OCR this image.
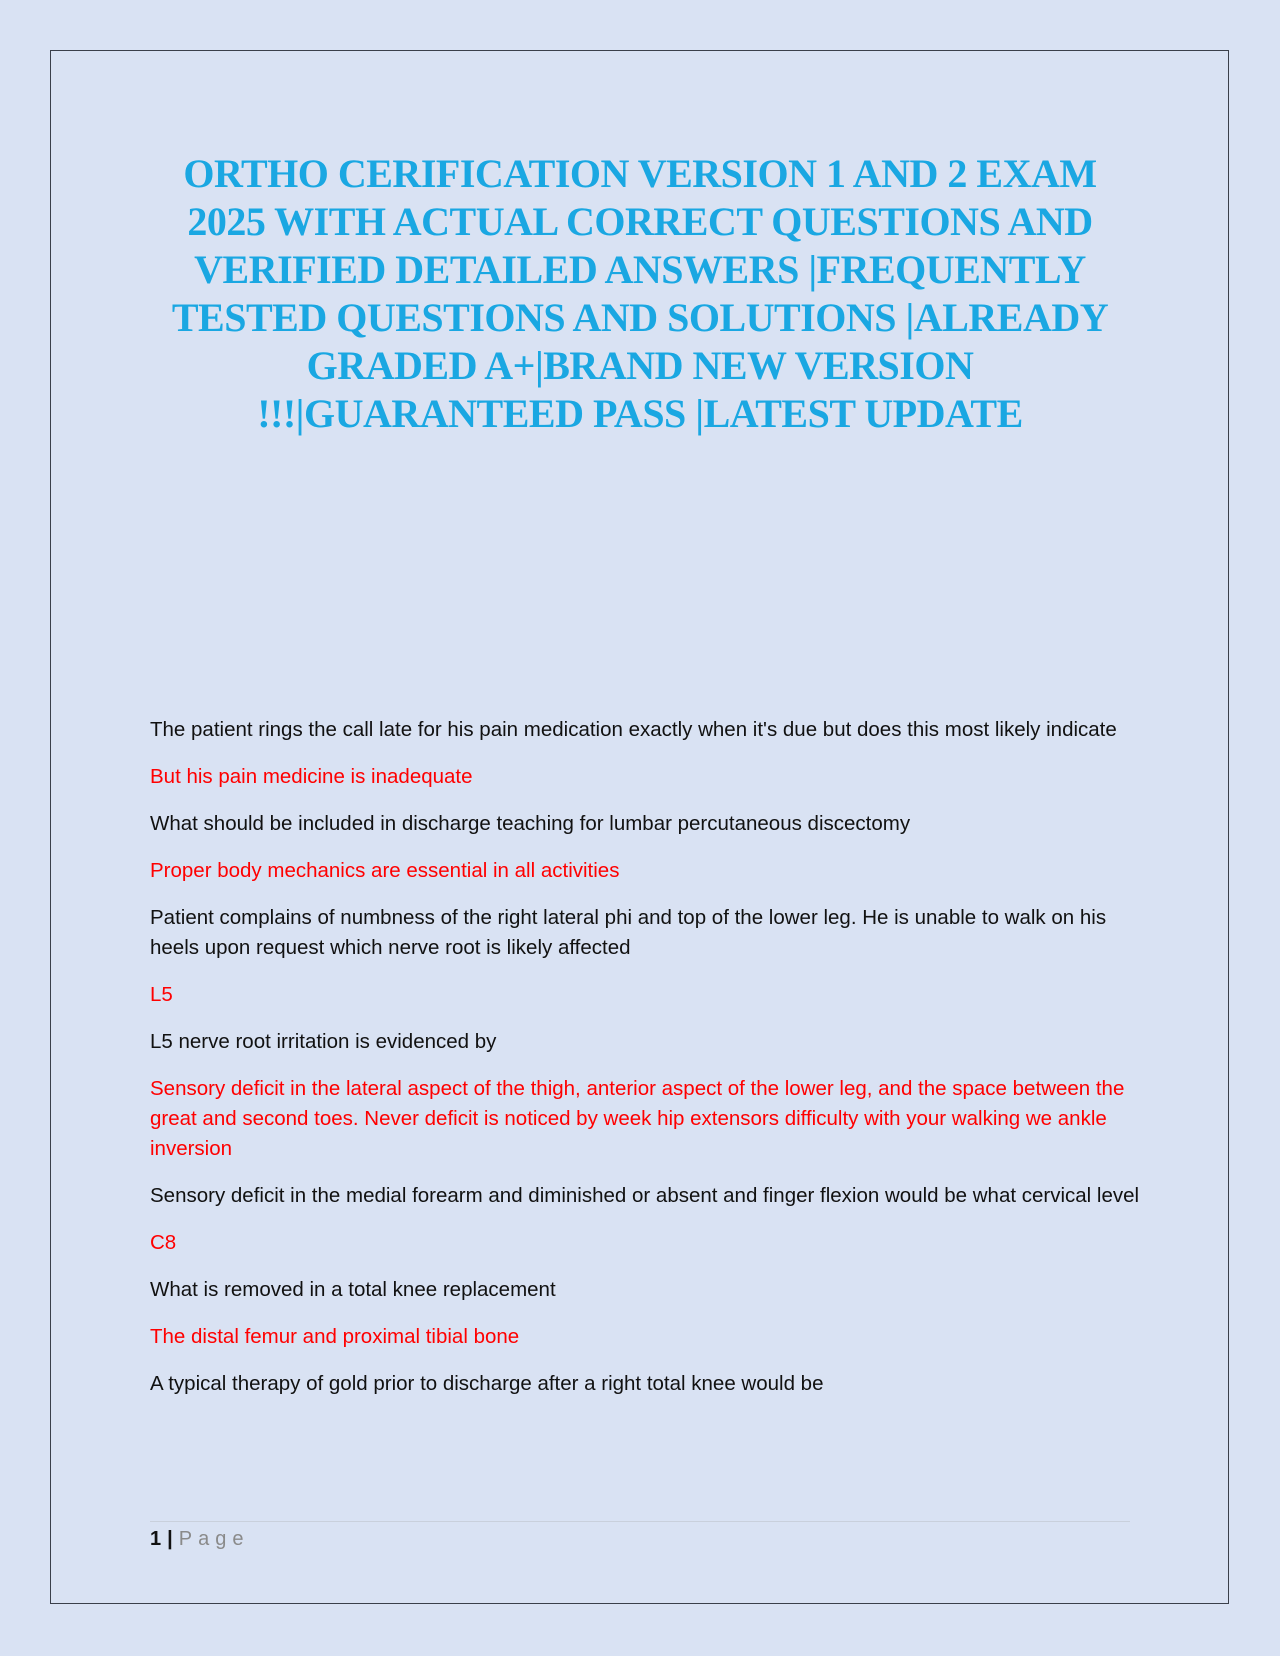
ORTHO CERIFICATION VERSION 1 AND 2 EXAM 2025 WITH ACTUAL CORRECT QUESTIONS AND VERIFIED DETAILED ANSWERS |FREQUENTLY TESTED QUESTIONS AND SOLUTIONS |ALREADY GRADED A+|BRAND NEW VERSION !!!|GUARANTEED PASS |LATEST UPDATE

The patient rings the call late for his pain medication exactly when it's due but does this most likely indicate

But his pain medicine is inadequate

What should be included in discharge teaching for lumbar percutaneous discectomy

Proper body mechanics are essential in all activities

Patient complains of numbness of the right lateral phi and top of the lower leg. He is unable to walk on his heels upon request which nerve root is likely affected

L5

L5 nerve root irritation is evidenced by

Sensory deficit in the lateral aspect of the thigh, anterior aspect of the lower leg, and the space between the great and second toes. Never deficit is noticed by week hip extensors difficulty with your walking we ankle inversion

Sensory deficit in the medial forearm and diminished or absent and finger flexion would be what cervical level

C8

What is removed in a total knee replacement

The distal femur and proximal tibial bone

A typical therapy of gold prior to discharge after a right total knee would be

1 | Page
